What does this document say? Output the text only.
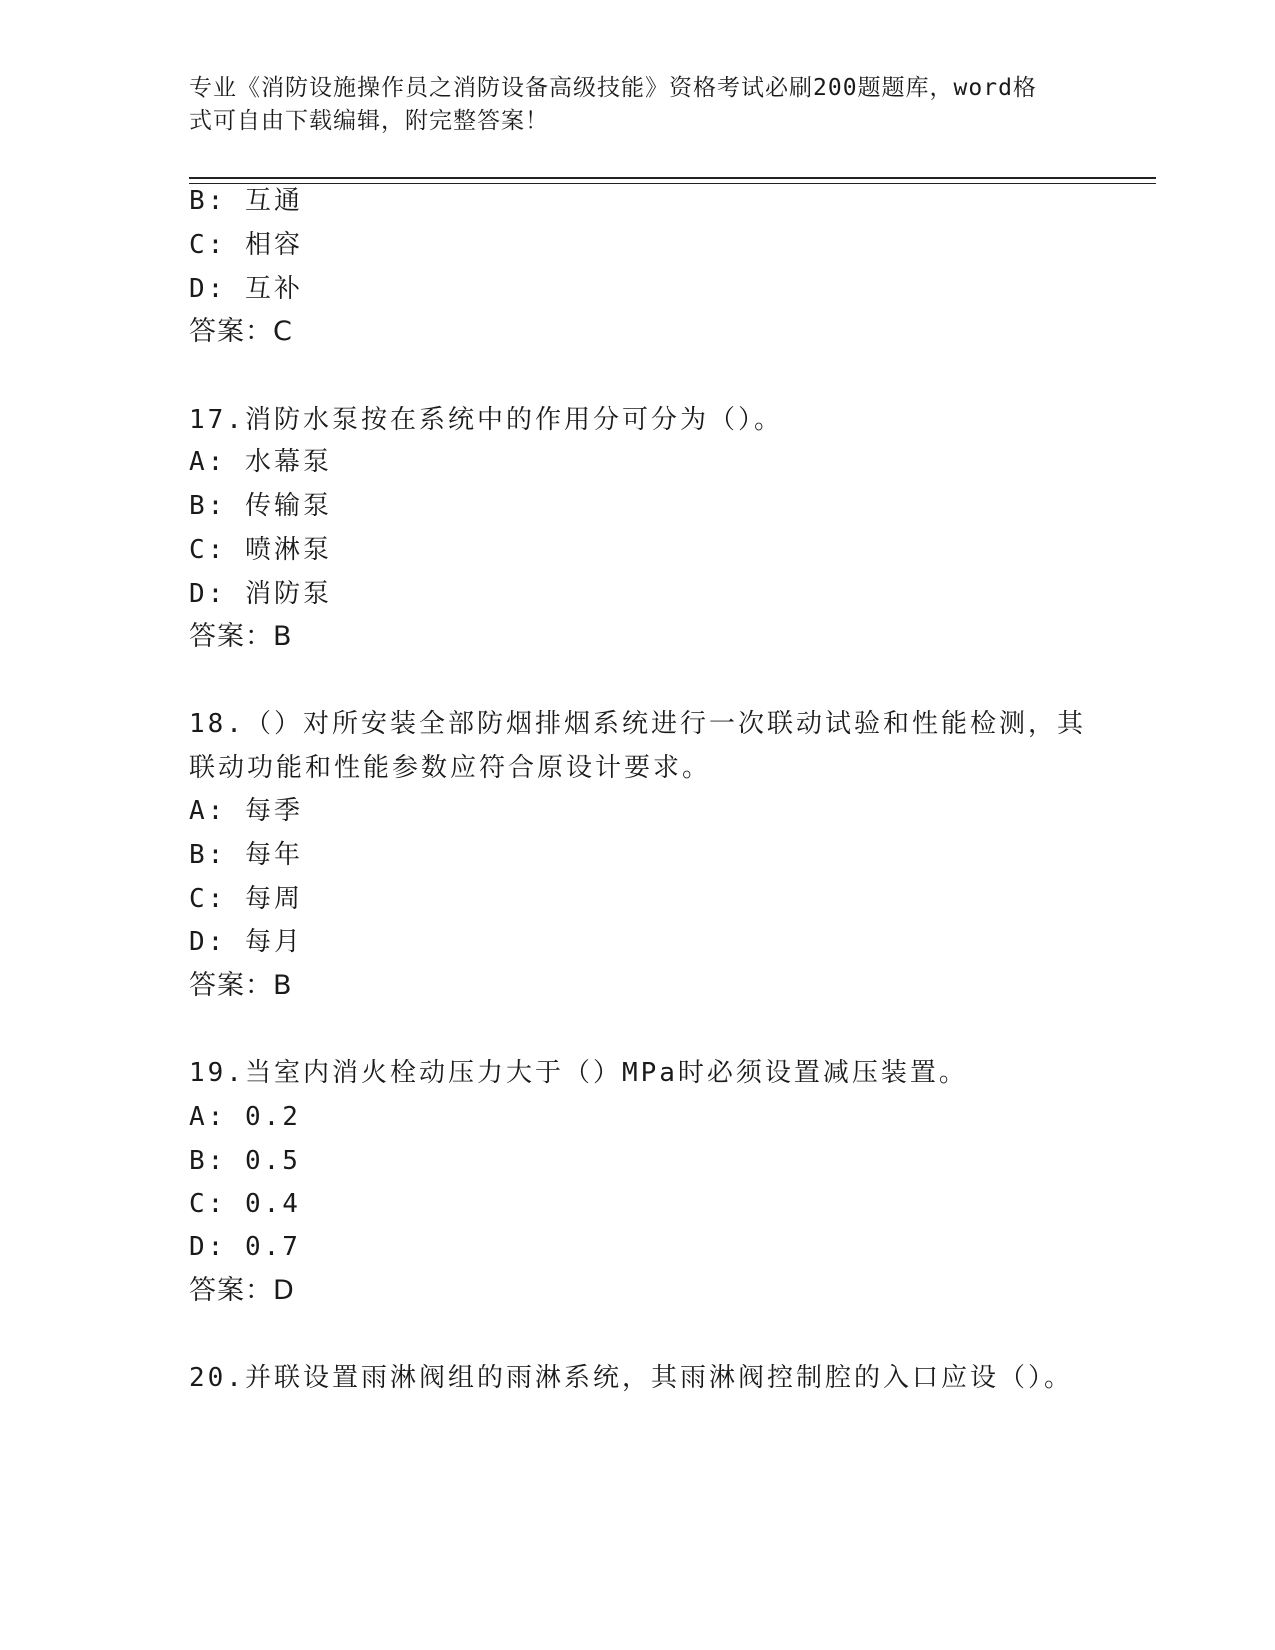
专业《消防设施操作员之消防设备高级技能》资格考试必刷200题题库，word格
式可自由下载编辑，附完整答案！
B: 互通
C: 相容
D: 互补
答案：C
17.消防水泵按在系统中的作用分可分为（）。
A: 水幕泵
B: 传输泵
C: 喷淋泵
D: 消防泵
答案：B
18.（）对所安装全部防烟排烟系统进行一次联动试验和性能检测，其
联动功能和性能参数应符合原设计要求。
A: 每季
B: 每年
C: 每周
D: 每月
答案：B
19.当室内消火栓动压力大于（）MPa时必须设置减压装置。
A: 0.2
B: 0.5
C: 0.4
D: 0.7
答案：D
20.并联设置雨淋阀组的雨淋系统，其雨淋阀控制腔的入口应设（）。
